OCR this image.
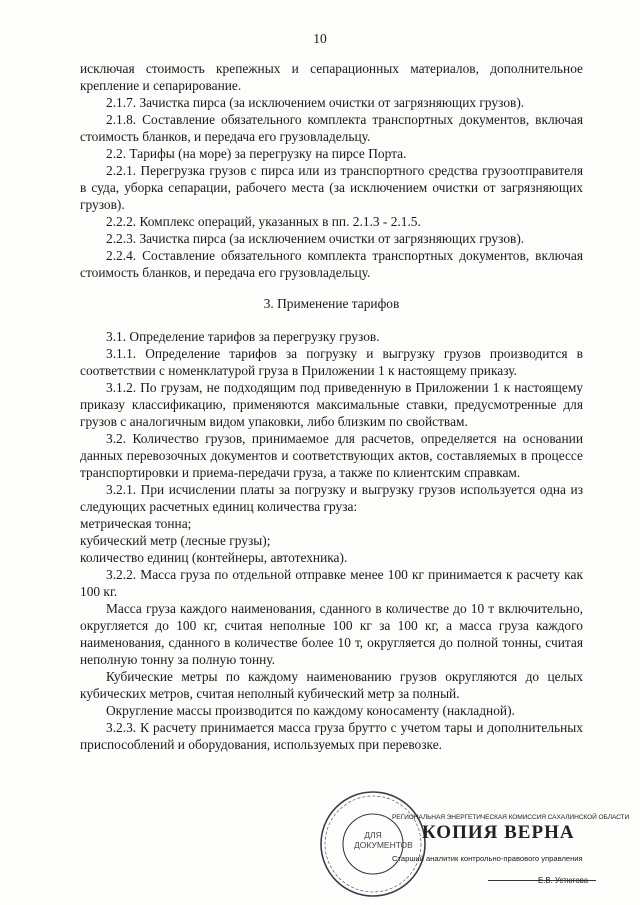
10
исключая стоимость крепежных и сепарационных материалов, дополнительное крепление и сепарирование.
2.1.7. Зачистка пирса (за исключением очистки от загрязняющих грузов).
2.1.8. Составление обязательного комплекта транспортных документов, включая стоимость бланков, и передача его грузовладельцу.
2.2. Тарифы (на море) за перегрузку на пирсе Порта.
2.2.1. Перегрузка грузов с пирса или из транспортного средства грузоотправителя в суда, уборка сепарации, рабочего места (за исключением очистки от загрязняющих грузов).
2.2.2. Комплекс операций, указанных в пп. 2.1.3 - 2.1.5.
2.2.3. Зачистка пирса (за исключением очистки от загрязняющих грузов).
2.2.4. Составление обязательного комплекта транспортных документов, включая стоимость бланков, и передача его грузовладельцу.
3. Применение тарифов
3.1. Определение тарифов за перегрузку грузов.
3.1.1. Определение тарифов за погрузку и выгрузку грузов производится в соответствии с номенклатурой груза в Приложении 1 к настоящему приказу.
3.1.2. По грузам, не подходящим под приведенную в Приложении 1 к настоящему приказу классификацию, применяются максимальные ставки, предусмотренные для грузов с аналогичным видом упаковки, либо близким по свойствам.
3.2. Количество грузов, принимаемое для расчетов, определяется на основании данных перевозочных документов и соответствующих актов, составляемых в процессе транспортировки и приема-передачи груза, а также по клиентским справкам.
3.2.1. При исчислении платы за погрузку и выгрузку грузов используется одна из следующих расчетных единиц количества груза:
метрическая тонна;
кубический метр (лесные грузы);
количество единиц (контейнеры, автотехника).
3.2.2. Масса груза по отдельной отправке менее 100 кг принимается к расчету как 100 кг.
Масса груза каждого наименования, сданного в количестве до 10 т включительно, округляется до 100 кг, считая неполные 100 кг за 100 кг, а масса груза каждого наименования, сданного в количестве более 10 т, округляется до полной тонны, считая неполную тонну за полную тонну.
Кубические метры по каждому наименованию грузов округляются до целых кубических метров, считая неполный кубический метр за полный.
Округление массы производится по каждому коносаменту (накладной).
3.2.3. К расчету принимается масса груза брутто с учетом тары и дополнительных приспособлений и оборудования, используемых при перевозке.
ДЛЯ ДОКУМЕНТОВ
РЕГИОНАЛЬНАЯ ЭНЕРГЕТИЧЕСКАЯ КОМИССИЯ САХАЛИНСКОЙ ОБЛАСТИ
КОПИЯ ВЕРНА
Старший аналитик контрольно-правового управления
Е.В. Устюгова
